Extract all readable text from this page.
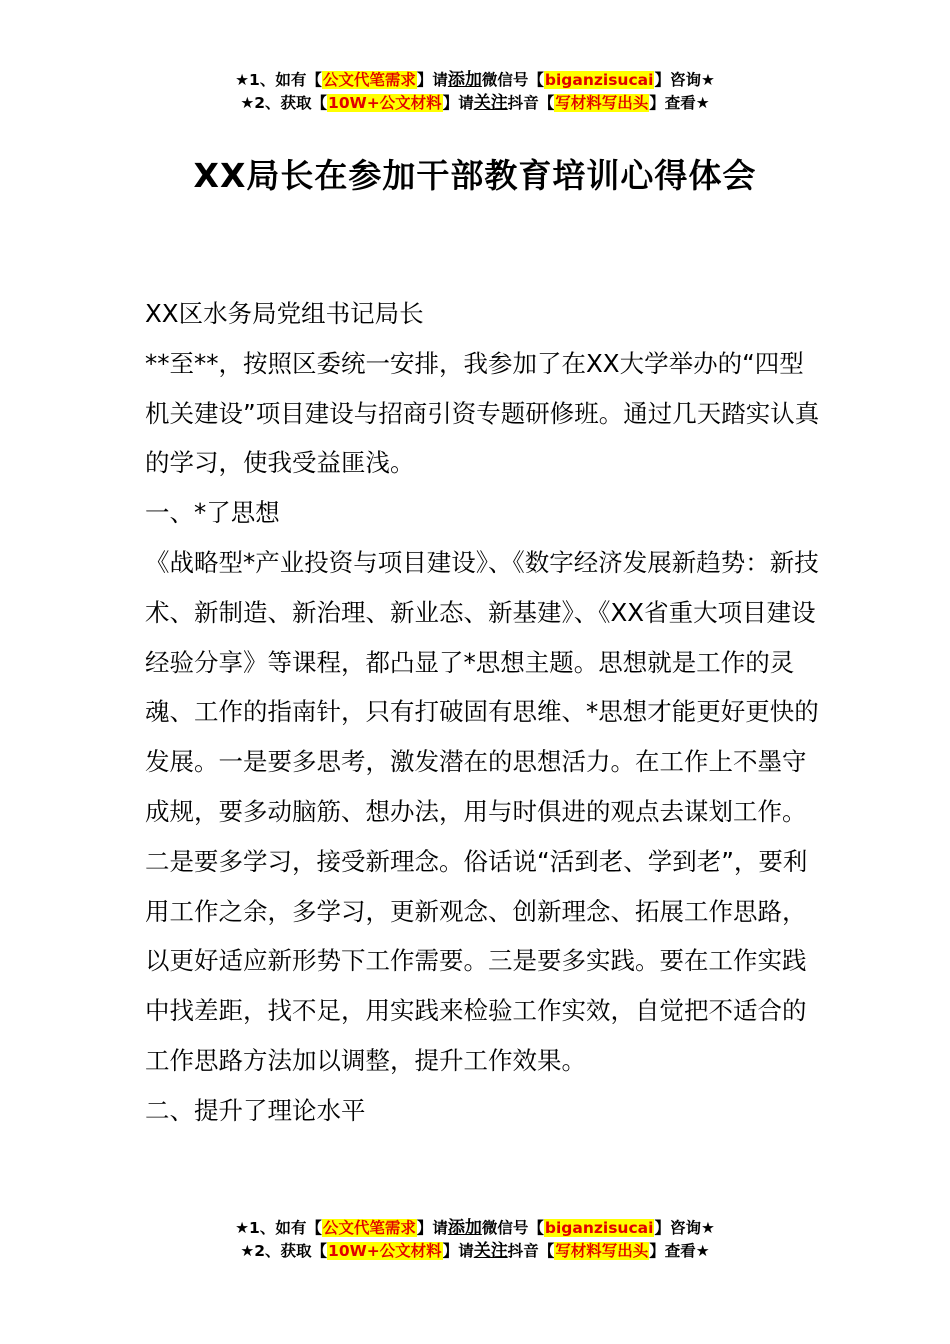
★1、如有【公文代笔需求】请添加微信号【biganzisucai】咨询★
★2、获取【10W+公文材料】请关注抖音【写材料写出头】查看★
XX局长在参加干部教育培训心得体会

XX区水务局党组书记局长

**至**，按照区委统一安排，我参加了在XX大学举办的“四型机关建设”项目建设与招商引资专题研修班。通过几天踏实认真的学习，使我受益匪浅。

一、*了思想

《战略型*产业投资与项目建设》、《数字经济发展新趋势：新技术、新制造、新治理、新业态、新基建》、《XX省重大项目建设经验分享》等课程，都凸显了*思想主题。思想就是工作的灵魂、工作的指南针，只有打破固有思维、*思想才能更好更快的发展。一是要多思考，激发潜在的思想活力。在工作上不墨守成规，要多动脑筋、想办法，用与时俱进的观点去谋划工作。二是要多学习，接受新理念。俗话说“活到老、学到老”，要利用工作之余，多学习，更新观念、创新理念、拓展工作思路，以更好适应新形势下工作需要。三是要多实践。要在工作实践中找差距，找不足，用实践来检验工作实效，自觉把不适合的工作思路方法加以调整，提升工作效果。

二、提升了理论水平

★1、如有【公文代笔需求】请添加微信号【biganzisucai】咨询★
★2、获取【10W+公文材料】请关注抖音【写材料写出头】查看★
